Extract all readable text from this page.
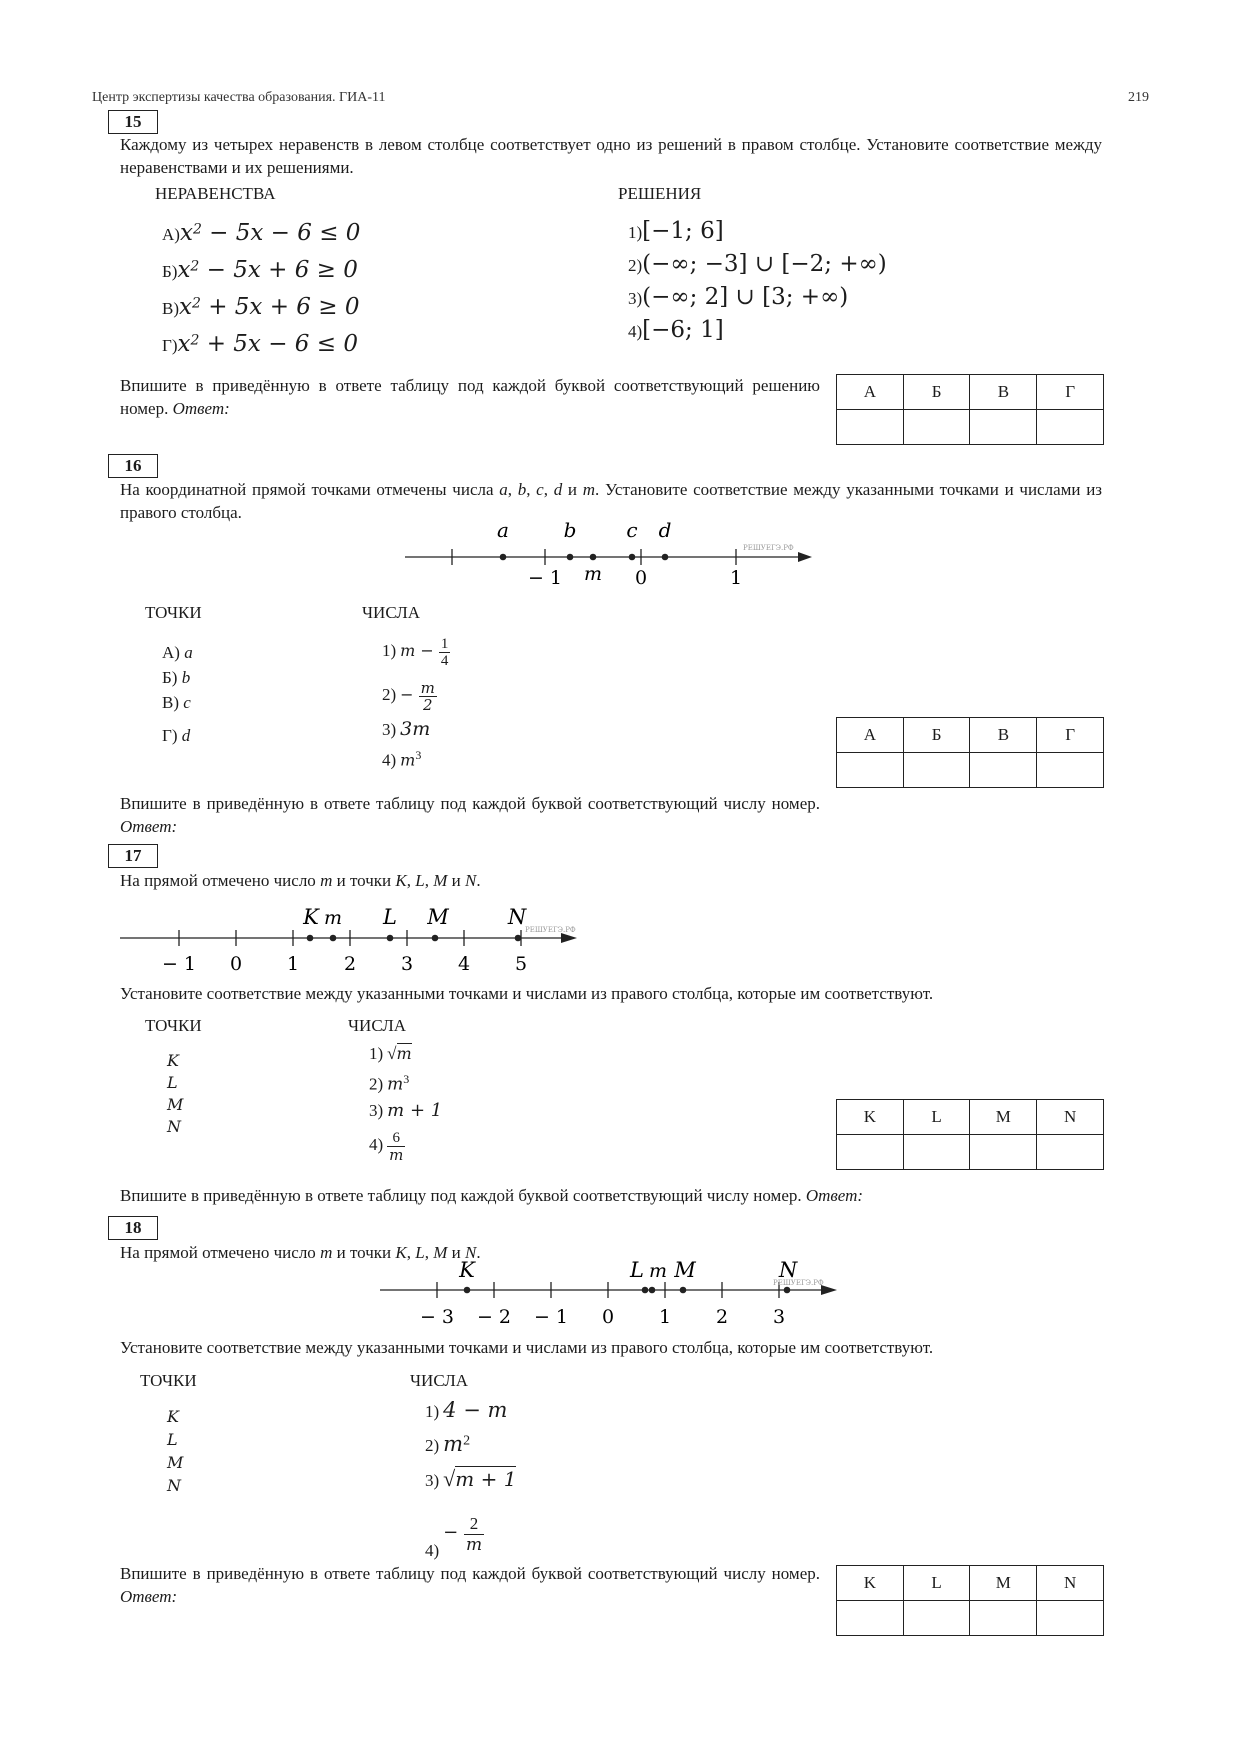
Центр экспертизы качества образования. ГИА-11	219
15
Каждому из четырех неравенств в левом столбце соответствует одно из решений в правом столбце. Установите соответствие между неравенствами и их решениями.
НЕРАВЕНСТВА	РЕШЕНИЯ
$А)x^2 - 5x - 6 \le 0$
$Б)x^2 - 5x + 6 \ge 0$
$В)x^2 + 5x + 6 \ge 0$
$Г)x^2 + 5x - 6 \le 0$
1)[−1; 6]
2)(−∞; −3] ∪ [−2; +∞)
3)(−∞; 2] ∪ [3; +∞)
4)[−6; 1]
Впишите в приведённую в ответе таблицу под каждой буквой соответствующий решению номер. Ответ:
А	Б	В	Г

16
На координатной прямой точками отмечены числа a, b, c, d и m. Установите соответствие между указанными точками и числами из правого столбца.
a	b c d
m
− 1	0	1
РЕШУЕГЭ.РФ
ТОЧКИ	ЧИСЛА
А) a
Б) b
В) c
Г) d
1) $m - \frac{1}{4}$
$2) - \frac{m}{2}$
3) 3m
4) $m^3$
А	Б	В	Г

Впишите в приведённую в ответе таблицу под каждой буквой соответствующий числу номер. Ответ:
17
На прямой отмечено число m и точки K, L, M и N.
K m L M	N
− 1 0 1 2 3 4 5
РЕШУЕГЭ.РФ
Установите соответствие между указанными точками и числами из правого столбца, которые им соответствуют.
ТОЧКИ	ЧИСЛА
K
L
M
N
1) √m
2) $m^3$
3) m + 1
$4) \frac{6}{m}$
K	L	M	N

Впишите в приведённую в ответе таблицу под каждой буквой соответствующий числу номер. Ответ:
18
На прямой отмечено число m и точки K, L, M и N.
K	L m M	N
− 3 − 2 − 1 0 1 2 3
РЕШУЕГЭ.РФ
Установите соответствие между указанными точками и числами из правого столбца, которые им соответствуют.
ТОЧКИ	ЧИСЛА
K
L
M
N
1) 4 − m
2) $m^2$
3) √m + 1
$4) - \frac{2}{m}$
Впишите в приведённую в ответе таблицу под каждой буквой соответствующий числу номер. Ответ:
K	L	M	N
